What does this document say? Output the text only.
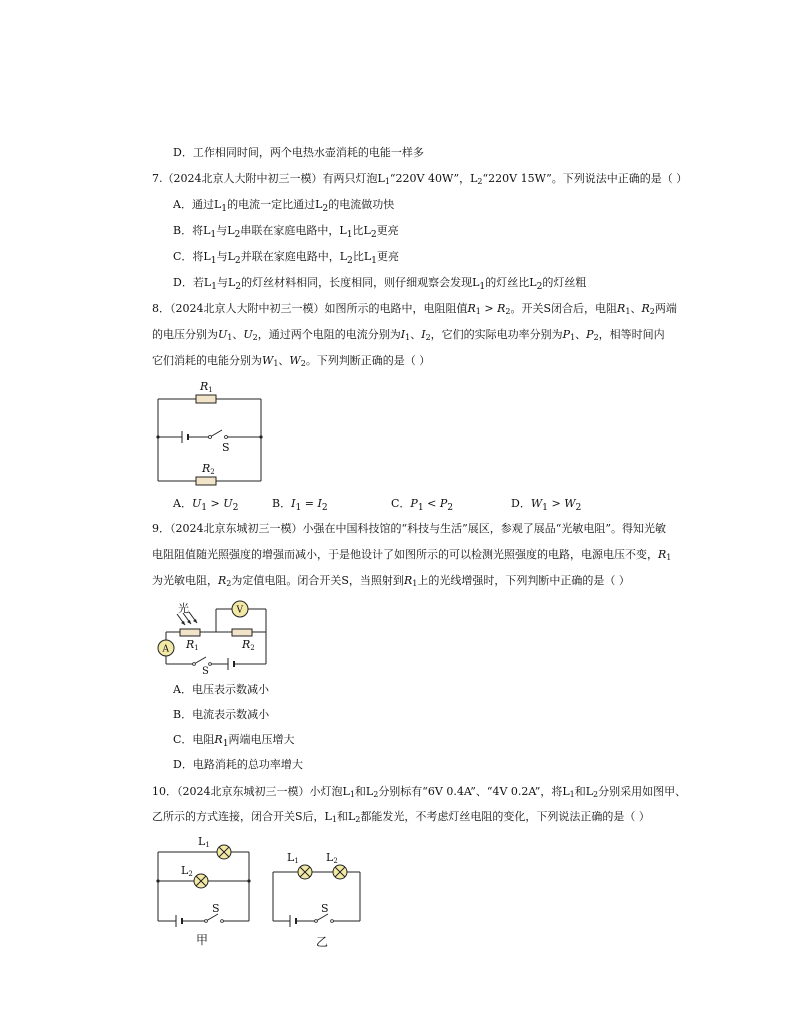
D．工作相同时间，两个电热水壶消耗的电能一样多
7.（2024北京人大附中初三一模）有两只灯泡$L_1“220V$ 40W”，$L_2“220V$ 15W”。下列说法中正确的是（ ）
A．通过$L_1$的电流一定比通过$L_2$的电流做功快
B．将$L_1$与$L_2$串联在家庭电路中，$L_1$比$L_2$更亮
C．将$L_1$与$L_2$并联在家庭电路中，$L_2$比$L_1$更亮
D．若$L_1$与$L_2$的灯丝材料相同，长度相同，则仔细观察会发现$L_1$的灯丝比$L_2$的灯丝粗
8．（2024北京人大附中初三一模）如图所示的电路中，电阻阻值$R_1 > R_2$。开关S闭合后，电阻$R_1$、$R_2$两端
的电压分别为$U_1$、$U_2$，通过两个电阻的电流分别为$I_1$、$I_2$，它们的实际电功率分别为$P_1$、$P_2$，相等时间内
它们消耗的电能分别为$W_1$、$W_2$。下列判断正确的是（ ）
R1
S
R2
A．$U_1 > U_2$	B．$I_1 = I_2$	C．$P_1 < P_2$	D．$W_1 > W_2$
9．（2024北京东城初三一模）小强在中国科技馆的“科技与生活”展区，参观了展品“光敏电阻”。得知光敏
电阻阻值随光照强度的增强而减小，于是他设计了如图所示的可以检测光照强度的电路，电源电压不变，$R_1$
为光敏电阻，$R_2$为定值电阻。闭合开关S，当照射到$R_1$上的光线增强时，下列判断中正确的是（ ）
V
A
光
R1	R2
S
A．电压表示数减小
B．电流表示数减小
C．电阻$R_1$两端电压增大
D．电路消耗的总功率增大
10．（2024北京东城初三一模）小灯泡$L_1$和$L_2$分别标有“6V 0.4A”、“4V 0.2A”，将$L_1$和$L_2$分别采用如图甲、
乙所示的方式连接，闭合开关S后，$L_1$和$L_2$都能发光，不考虑灯丝电阻的变化，下列说法正确的是（ ）
L1
L2
S
甲
L1 L2
S
乙
